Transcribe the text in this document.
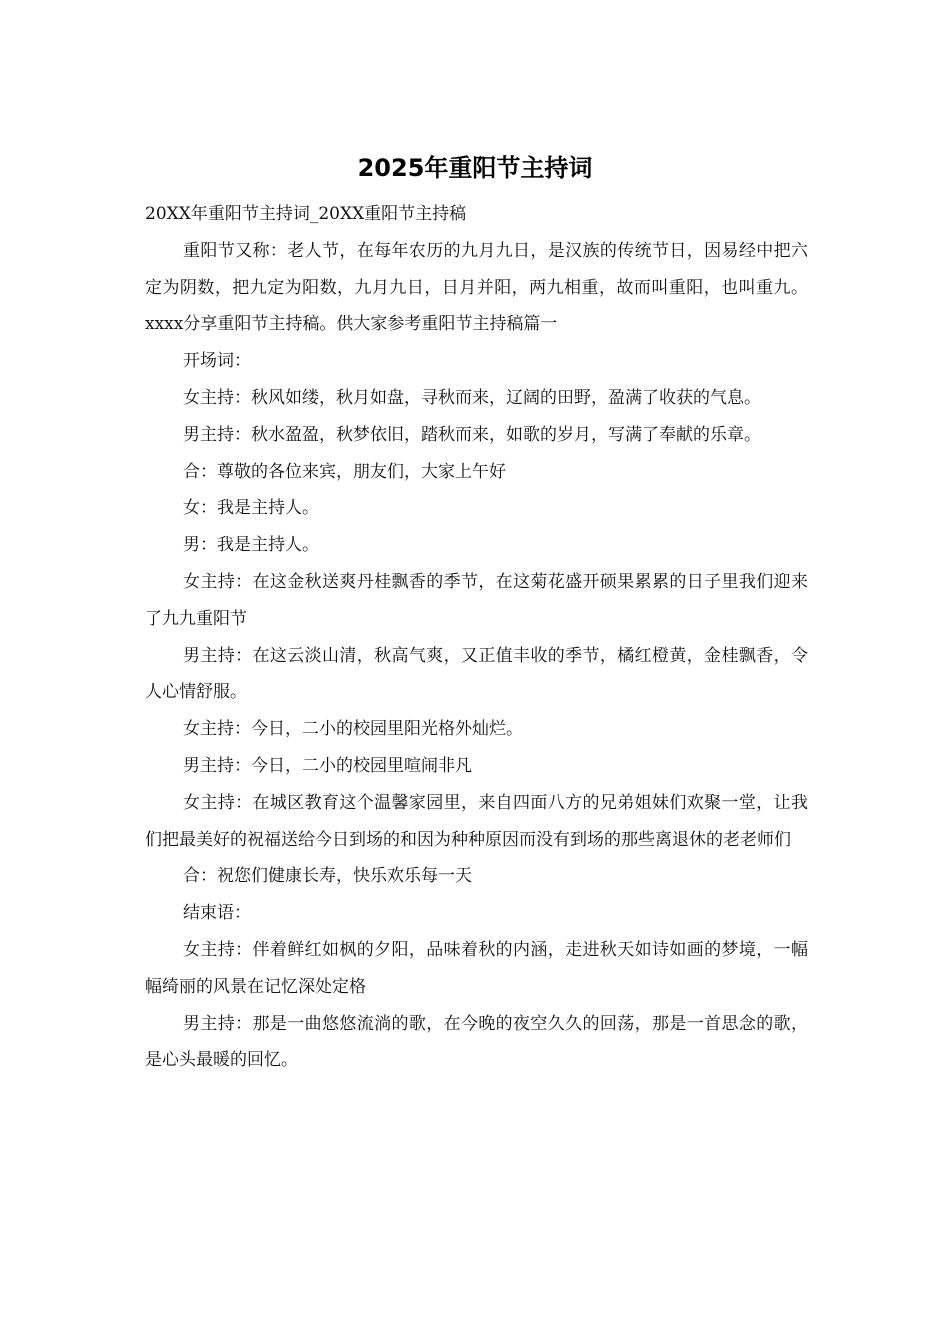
2025年重阳节主持词

20XX年重阳节主持词_20XX重阳节主持稿

重阳节又称：老人节，在每年农历的九月九日，是汉族的传统节日，因易经中把六定为阴数，把九定为阳数，九月九日，日月并阳，两九相重，故而叫重阳，也叫重九。xxxx分享重阳节主持稿。供大家参考重阳节主持稿篇一

开场词：

女主持：秋风如缕，秋月如盘，寻秋而来，辽阔的田野，盈满了收获的气息。

男主持：秋水盈盈，秋梦依旧，踏秋而来，如歌的岁月，写满了奉献的乐章。

合：尊敬的各位来宾，朋友们，大家上午好

女：我是主持人。

男：我是主持人。

女主持：在这金秋送爽丹桂飘香的季节，在这菊花盛开硕果累累的日子里我们迎来了九九重阳节

男主持：在这云淡山清，秋高气爽，又正值丰收的季节，橘红橙黄，金桂飘香，令人心情舒服。

女主持：今日，二小的校园里阳光格外灿烂。

男主持：今日，二小的校园里喧闹非凡

女主持：在城区教育这个温馨家园里，来自四面八方的兄弟姐妹们欢聚一堂，让我们把最美好的祝福送给今日到场的和因为种种原因而没有到场的那些离退休的老老师们

合：祝您们健康长寿，快乐欢乐每一天

结束语：

女主持：伴着鲜红如枫的夕阳，品味着秋的内涵，走进秋天如诗如画的梦境，一幅幅绮丽的风景在记忆深处定格

男主持：那是一曲悠悠流淌的歌，在今晚的夜空久久的回荡，那是一首思念的歌，是心头最暖的回忆。
